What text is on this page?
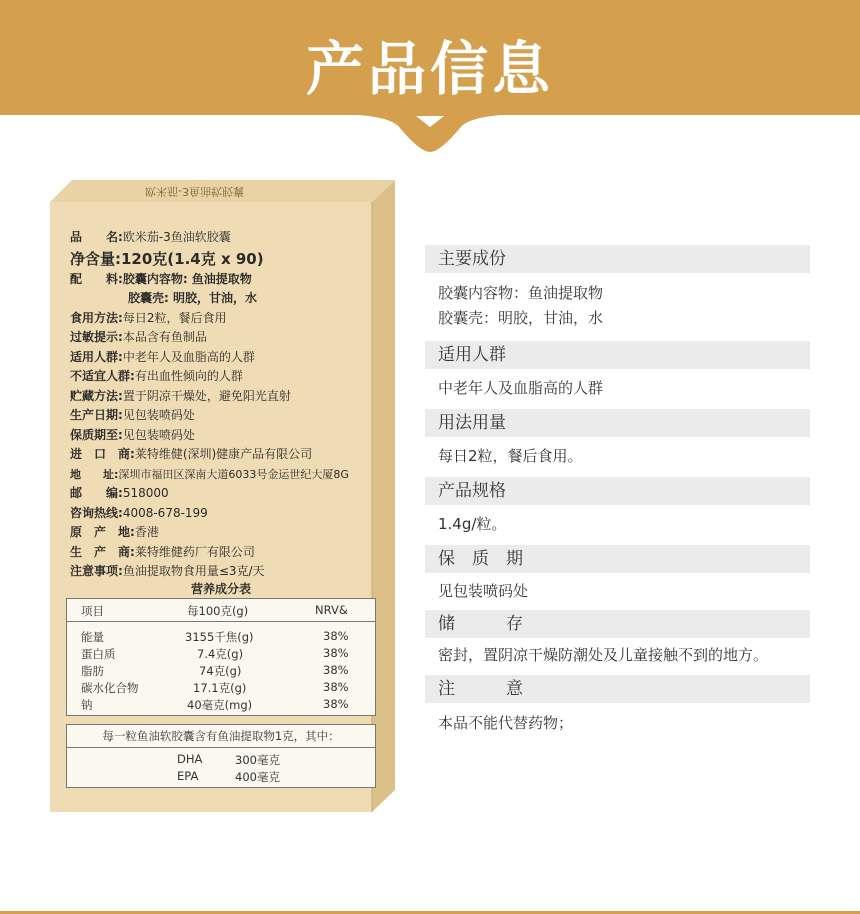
产品信息
欧米茄-3鱼油软胶囊
品　　名:欧米茄-3鱼油软胶囊
净含量:120克(1.4克 x 90)
配　　料:胶囊内容物: 鱼油提取物
胶囊壳: 明胶，甘油，水
食用方法:每日2粒，餐后食用
过敏提示:本品含有鱼制品
适用人群:中老年人及血脂高的人群
不适宜人群:有出血性倾向的人群
贮藏方法:置于阴凉干燥处，避免阳光直射
生产日期:见包装喷码处
保质期至:见包装喷码处
进　口　商:莱特维健(深圳)健康产品有限公司
地　　址:深圳市福田区深南大道6033号金运世纪大厦8G
邮　　编:518000
咨询热线:4008-678-199
原　产　地:香港
生　产　商:莱特维健药厂有限公司
注意事项:鱼油提取物食用量≤3克/天
营养成分表
项目	每100克(g)	NRV&
能量	3155千焦(g)	38%
蛋白质	7.4克(g)	38%
脂肪	74克(g)	38%
碳水化合物	17.1克(g)	38%
钠	40毫克(mg)	38%
每一粒鱼油软胶囊含有鱼油提取物1克，其中：
DHA	300毫克
EPA	400毫克
主要成份
胶囊内容物：鱼油提取物
胶囊壳：明胶，甘油，水
适用人群
中老年人及血脂高的人群
用法用量
每日2粒，餐后食用。
产品规格
1.4g/粒。
保　质　期
见包装喷码处
储　　　存
密封，置阴凉干燥防潮处及儿童接触不到的地方。
注　　　意
本品不能代替药物；
